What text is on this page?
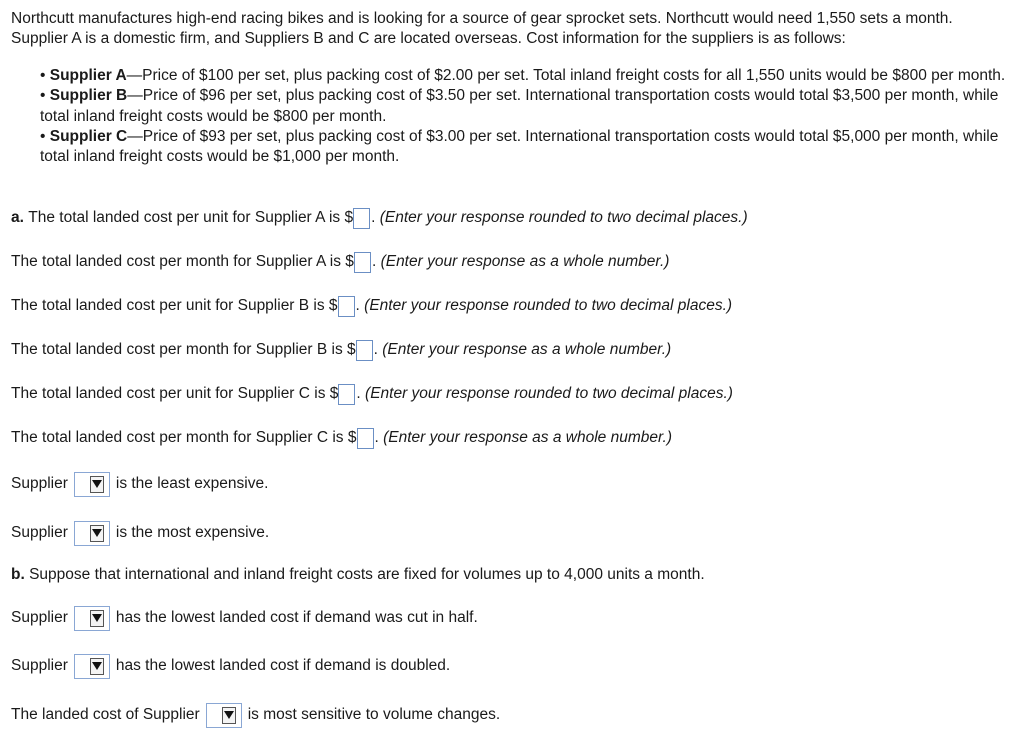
Northcutt manufactures high-end racing bikes and is looking for a source of gear sprocket sets. Northcutt would need 1,550 sets a month.
Supplier A is a domestic firm, and Suppliers B and C are located overseas. Cost information for the suppliers is as follows:
• Supplier A—Price of $100 per set, plus packing cost of $2.00 per set. Total inland freight costs for all 1,550 units would be $800 per month.
• Supplier B—Price of $96 per set, plus packing cost of $3.50 per set. International transportation costs would total $3,500 per month, while total inland freight costs would be $800 per month.
• Supplier C—Price of $93 per set, plus packing cost of $3.00 per set. International transportation costs would total $5,000 per month, while total inland freight costs would be $1,000 per month.
a.
The total landed cost per unit for Supplier A is $ .
(Enter your response rounded to two decimal places.)
The total landed cost per month for Supplier A is $ .
(Enter your response as a whole number.)
The total landed cost per unit for Supplier B is $ .
(Enter your response rounded to two decimal places.)
The total landed cost per month for Supplier B is $ .
(Enter your response as a whole number.)
The total landed cost per unit for Supplier C is $ .
(Enter your response rounded to two decimal places.)
The total landed cost per month for Supplier C is $ .
(Enter your response as a whole number.)
Supplier	is the least expensive.
Supplier	is the most expensive.
b.
Suppose that international and inland freight costs are fixed for volumes up to 4,000 units a month.
Supplier	has the lowest landed cost if demand was cut in half.
Supplier	has the lowest landed cost if demand is doubled.
The landed cost of Supplier	is most sensitive to volume changes.
